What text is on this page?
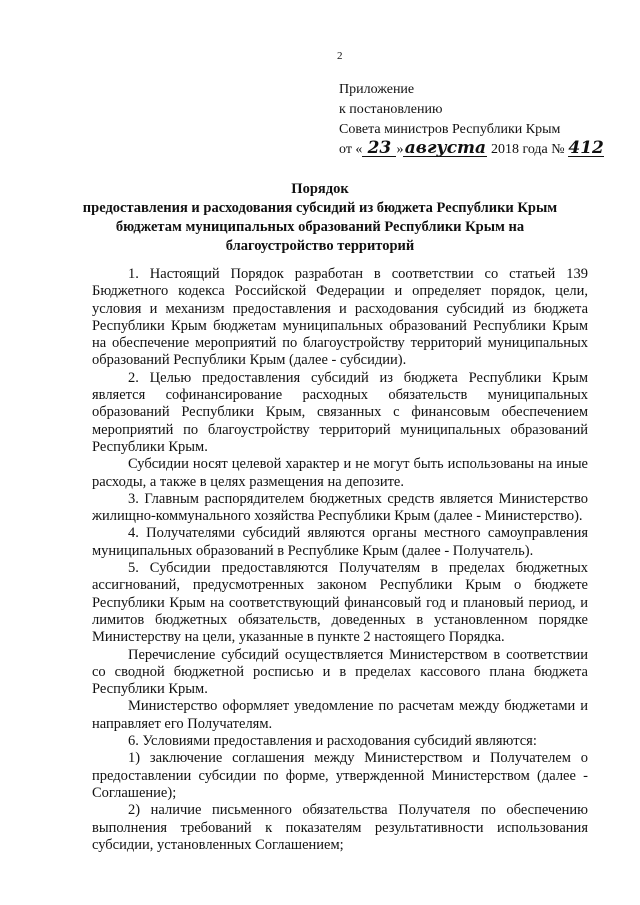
2
Приложение
к постановлению
Совета министров Республики Крым
от « 23 »августа 2018 года № 412
Порядок
предоставления и расходования субсидий из бюджета Республики Крым
бюджетам муниципальных образований Республики Крым на
благоустройство территорий

1. Настоящий Порядок разработан в соответствии со статьей 139 Бюджетного кодекса Российской Федерации и определяет порядок, цели, условия и механизм предоставления и расходования субсидий из бюджета Республики Крым бюджетам муниципальных образований Республики Крым на обеспечение мероприятий по благоустройству территорий муниципальных образований Республики Крым (далее - субсидии).

2. Целью предоставления субсидий из бюджета Республики Крым является софинансирование расходных обязательств муниципальных образований Республики Крым, связанных с финансовым обеспечением мероприятий по благоустройству территорий муниципальных образований Республики Крым.

Субсидии носят целевой характер и не могут быть использованы на иные расходы, а также в целях размещения на депозите.

3. Главным распорядителем бюджетных средств является Министерство жилищно-коммунального хозяйства Республики Крым (далее - Министерство).

4. Получателями субсидий являются органы местного самоуправления муниципальных образований в Республике Крым (далее - Получатель).

5. Субсидии предоставляются Получателям в пределах бюджетных ассигнований, предусмотренных законом Республики Крым о бюджете Республики Крым на соответствующий финансовый год и плановый период, и лимитов бюджетных обязательств, доведенных в установленном порядке Министерству на цели, указанные в пункте 2 настоящего Порядка.

Перечисление субсидий осуществляется Министерством в соответствии со сводной бюджетной росписью и в пределах кассового плана бюджета Республики Крым.

Министерство оформляет уведомление по расчетам между бюджетами и направляет его Получателям.

6. Условиями предоставления и расходования субсидий являются:

1) заключение соглашения между Министерством и Получателем о предоставлении субсидии по форме, утвержденной Министерством (далее - Соглашение);

2) наличие письменного обязательства Получателя по обеспечению выполнения требований к показателям результативности использования субсидии, установленных Соглашением;
